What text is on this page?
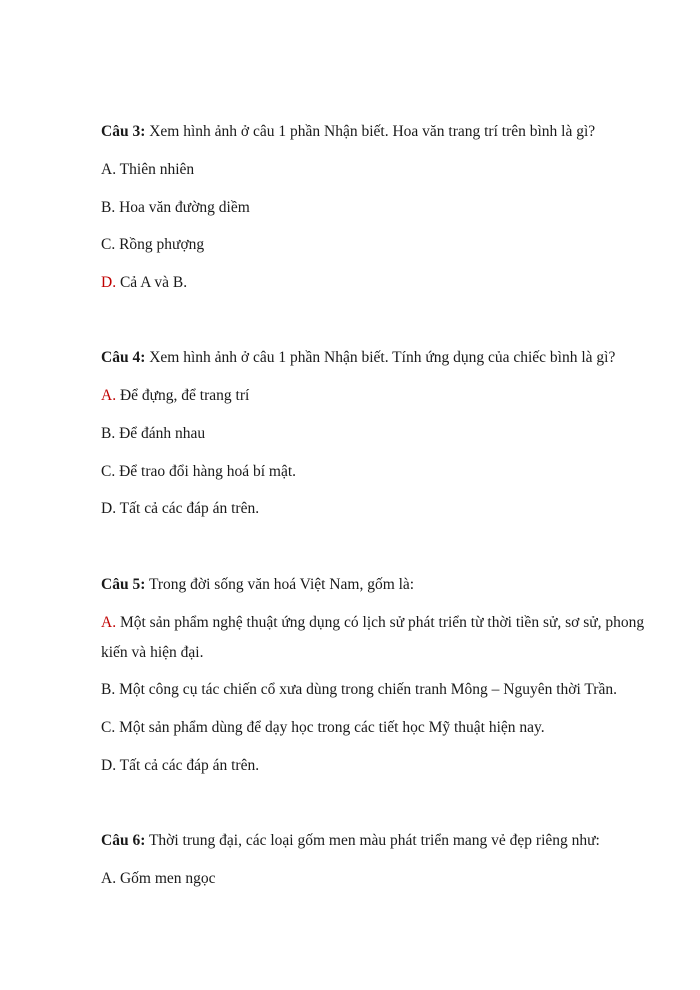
Câu 3: Xem hình ảnh ở câu 1 phần Nhận biết. Hoa văn trang trí trên bình là gì?
A. Thiên nhiên
B. Hoa văn đường diềm
C. Rồng phượng
D. Cả A và B.
Câu 4: Xem hình ảnh ở câu 1 phần Nhận biết. Tính ứng dụng của chiếc bình là gì?
A. Để đựng, để trang trí
B. Để đánh nhau
C. Để trao đổi hàng hoá bí mật.
D. Tất cả các đáp án trên.
Câu 5: Trong đời sống văn hoá Việt Nam, gốm là:
A. Một sản phẩm nghệ thuật ứng dụng có lịch sử phát triển từ thời tiền sử, sơ sử, phong kiến và hiện đại.
B. Một công cụ tác chiến cổ xưa dùng trong chiến tranh Mông – Nguyên thời Trần.
C. Một sản phẩm dùng để dạy học trong các tiết học Mỹ thuật hiện nay.
D. Tất cả các đáp án trên.
Câu 6: Thời trung đại, các loại gốm men màu phát triển mang vẻ đẹp riêng như:
A. Gốm men ngọc
